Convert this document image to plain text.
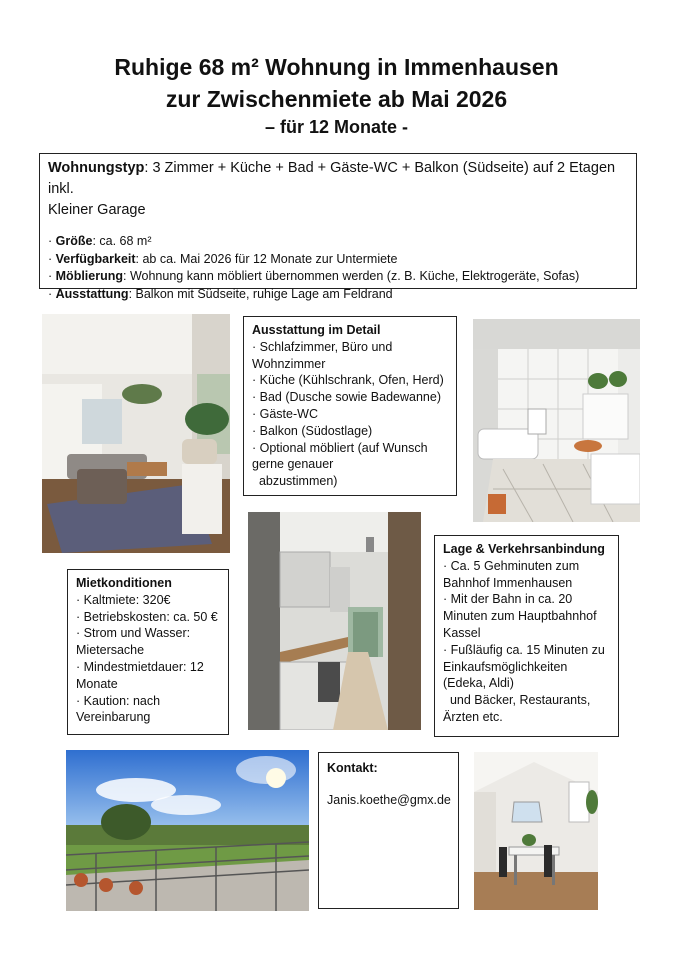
Ruhige 68 m² Wohnung in Immenhausen
zur Zwischenmiete ab Mai 2026
– für 12 Monate -
Wohnungstyp: 3 Zimmer + Küche + Bad + Gäste-WC + Balkon (Südseite) auf 2 Etagen inkl.
Kleiner Garage
· Größe: ca. 68 m²
· Verfügbarkeit: ab ca. Mai 2026 für 12 Monate zur Untermiete
· Möblierung: Wohnung kann möbliert übernommen werden (z. B. Küche, Elektrogeräte, Sofas)
· Ausstattung: Balkon mit Südseite, ruhige Lage am Feldrand
Ausstattung im Detail
· Schlafzimmer, Büro und
Wohnzimmer
· Küche (Kühlschrank, Ofen, Herd)
· Bad (Dusche sowie Badewanne)
· Gäste-WC
· Balkon (Südostlage)
· Optional möbliert (auf Wunsch
gerne genauer
abzustimmen)
Mietkonditionen
· Kaltmiete: 320€
· Betriebskosten: ca. 50 €
· Strom und Wasser:
Mietersache
· Mindestmietdauer: 12
Monate
· Kaution: nach
Vereinbarung
Lage & Verkehrsanbindung
· Ca. 5 Gehminuten zum
Bahnhof Immenhausen
· Mit der Bahn in ca. 20
Minuten zum Hauptbahnhof
Kassel
· Fußläufig ca. 15 Minuten zu
Einkaufsmöglichkeiten
(Edeka, Aldi)
und Bäcker, Restaurants,
Ärzten etc.
Kontakt:
Janis.koethe@gmx.de
